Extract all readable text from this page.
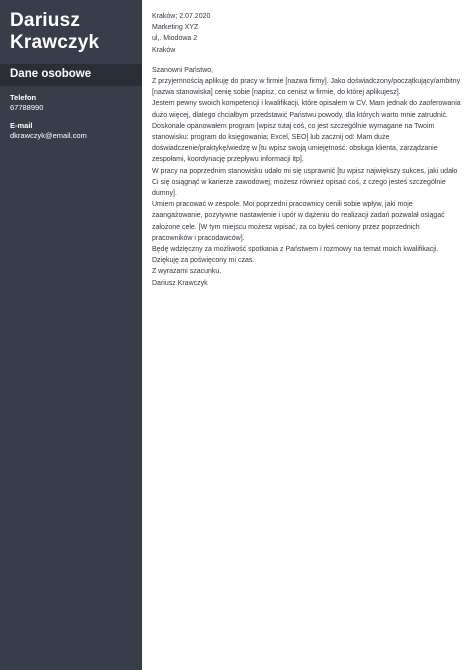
Dariusz
Krawczyk
Dane osobowe
Telefon
67788990
E-mail
dkrawczyk@email.com

Kraków; 2.07.2020

Marketing XYZ

ul,. Miodowa 2

Kraków

Szanowni Państwo,

Z przyjemnością aplikuję do pracy w firmie [nazwa firmy]. Jako doświadczony/początkujący/ambitny [nazwa stanowiska] cenię sobie [napisz, co cenisz w firmie, do której aplikujesz].

Jestem pewny swoich kompetencji i kwalifikacji, które opisałem w CV. Mam jednak do zaoferowania dużo więcej, dlatego chciałbym przedstawić Państwu powody, dla których warto mnie zatrudnić.

Doskonale opanowałem program [wpisz tutaj coś, co jest szczególnie wymagane na Twoim stanowisku: program do księgowania; Excel, SEO] lub zacznij od: Mam duże doświadczenie/praktykę/wiedzę w [tu wpisz swoją umiejętność: obsługa klienta, zarządzanie zespołami, koordynację przepływu informacji itp].

W pracy na poprzednim stanowisku udało mi się usprawnić [tu wpisz największy sukces, jaki udało Ci się osiągnąć w karierze zawodowej; możesz również opisać coś, z czego jesteś szczególnie dumny].

Umiem pracować w zespole. Moi poprzedni pracownicy cenili sobie wpływ, jaki moje zaangażowanie, pozytywne nastawienie i upór w dążeniu do realizacji zadań pozwalał osiągać założone cele. [W tym miejscu możesz wpisać, za co byłeś ceniony przez poprzednich pracowników i pracodawców].

Będę wdzięczny za możliwość spotkania z Państwem i rozmowy na temat moich kwalifikacji.

Dziękuję za poświęcony mi czas.

Z wyrazami szacunku,

Dariusz Krawczyk
